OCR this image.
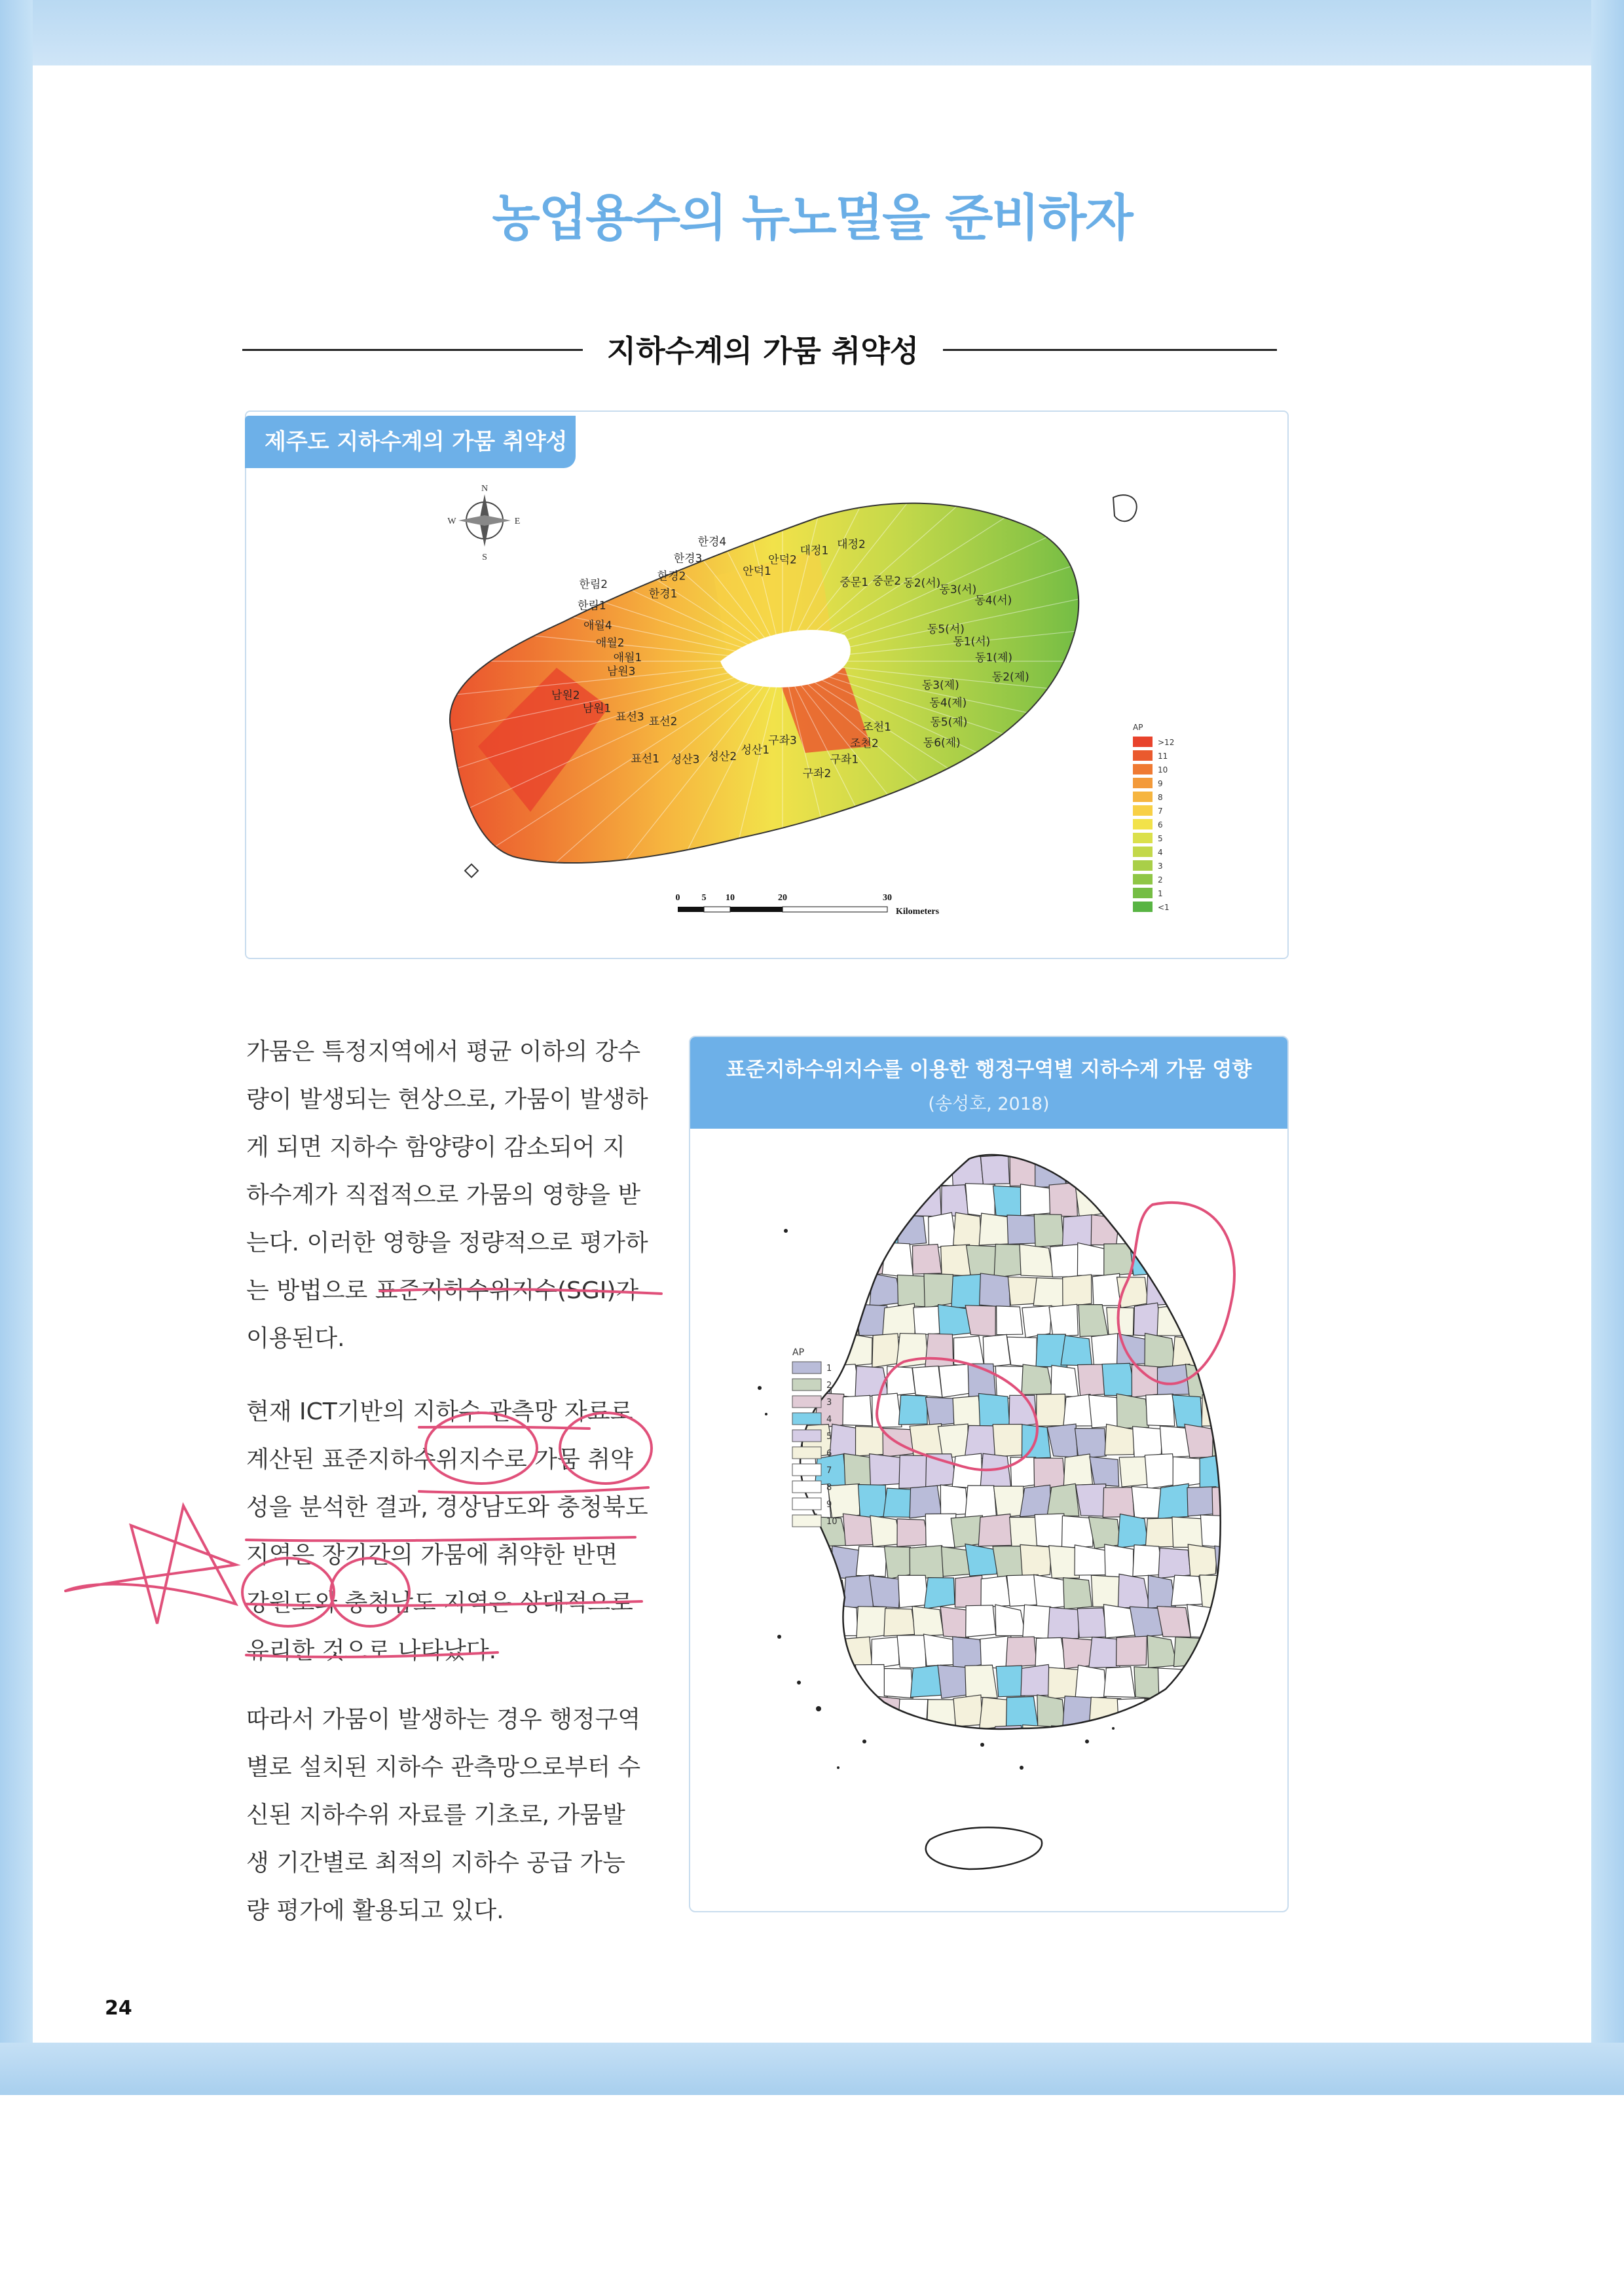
농업용수의 뉴노멀을 준비하자
지하수계의 가뭄 취약성
제주도 지하수계의 가뭄 취약성
N
S
E
W
애월1
애월2
애월4
한림1
한림2
한경1
한경2
한경3
한경4
안덕1
안덕2
대정1 대정2
중문1 중문2 동2(서)
동3(서)
동4(서)
동5(서)
동1(서)
동1(제)
동2(제)
동3(제)
동4(제)
동5(제)
동6(제)
조천1
조천2
구좌1
구좌2
구좌3
성산1
성산2
성산3
표선1
표선2
표선3
남원1
남원2
남원3
0 5 10	20	30
Kilometers
AP
>12
11
10
9
8
7
6
5
4
3
2
1
<1
가뭄은 특정지역에서 평균 이하의 강수
량이 발생되는 현상으로, 가뭄이 발생하
게 되면 지하수 함양량이 감소되어 지
하수계가 직접적으로 가뭄의 영향을 받
는다. 이러한 영향을 정량적으로 평가하
는 방법으로 표준지하수위지수(SGI)가
이용된다.
현재 ICT기반의 지하수 관측망 자료로
계산된 표준지하수위지수로 가뭄 취약
성을 분석한 결과, 경상남도와 충청북도
지역은 장기간의 가뭄에 취약한 반면
강원도와 충청남도 지역은 상대적으로
유리한 것으로 나타났다.
따라서 가뭄이 발생하는 경우 행정구역
별로 설치된 지하수 관측망으로부터 수
신된 지하수위 자료를 기초로, 가뭄발
생 기간별로 최적의 지하수 공급 가능
량 평가에 활용되고 있다.
표준지하수위지수를 이용한 행정구역별 지하수계 가뭄 영향
(송성호, 2018)
AP
1
2
3
4
5
6
7
8
9
10
24
